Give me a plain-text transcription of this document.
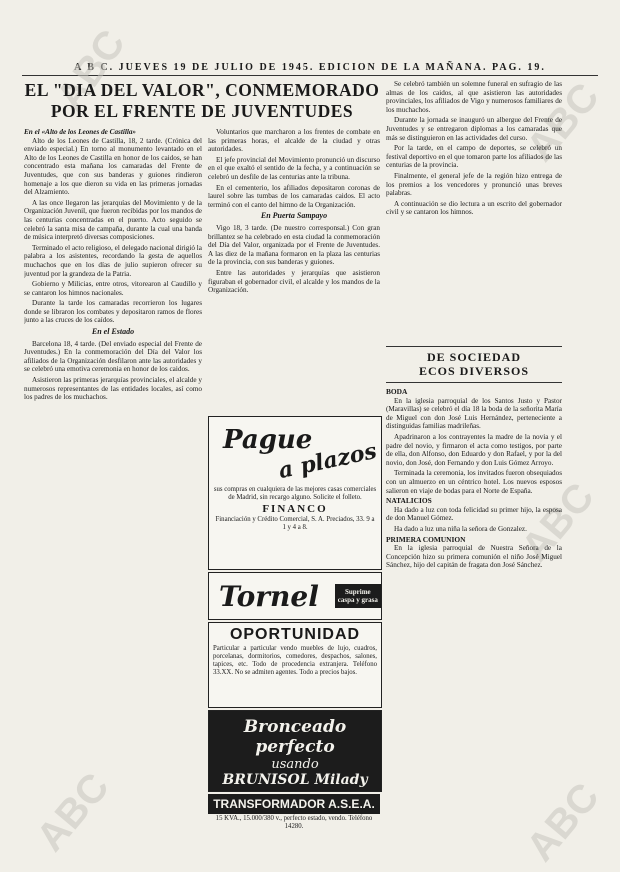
A B C. JUEVES 19 DE JULIO DE 1945. EDICION DE LA MAÑANA. PAG. 19.
ABC
ABC
ABC
ABC	ABC
EL "DIA DEL VALOR", CONMEMORADO
POR EL FRENTE DE JUVENTUDES
En el «Alto de los Leones de Castilla»

Alto de los Leones de Castilla, 18, 2 tarde. (Crónica del enviado especial.) En torno al monumento levantado en el Alto de los Leones de Castilla en honor de los caidos, se han concentrado esta mañana los camaradas del Frente de Juventudes, que con sus banderas y guiones rindieron homenaje a los que dieron su vida en las primeras jornadas del Alzamiento.

A las once llegaron las jerarquías del Movimiento y de la Organización Juvenil, que fueron recibidas por los mandos de las centurias concentradas en el puerto. Acto seguido se celebró la santa misa de campaña, durante la cual una banda de música interpretó diversas composiciones.

Terminado el acto religioso, el delegado nacional dirigió la palabra a los asistentes, recordando la gesta de aquellos muchachos que en los días de julio supieron ofrecer su juventud por la grandeza de la Patria.

Gobierno y Milicias, entre otros, vitorearon al Caudillo y se cantaron los himnos nacionales.

Durante la tarde los camaradas recorrieron los lugares donde se libraron los combates y depositaron ramos de flores junto a las cruces de los caídos.

En el Estado

Barcelona 18, 4 tarde. (Del enviado especial del Frente de Juventudes.) En la conmemoración del Día del Valor los afiliados de la Organización desfilaron ante las autoridades y se celebró una emotiva ceremonia en honor de los caidos.

Asistieron las primeras jerarquías provinciales, el alcalde y numerosos representantes de las entidades locales, así como los padres de los muchachos.

Voluntarios que marcharon a los frentes de combate en las primeras horas, el alcalde de la ciudad y otras autoridades.

El jefe provincial del Movimiento pronunció un discurso en el que exaltó el sentido de la fecha, y a continuación se celebró un desfile de las centurias ante la tribuna.

En el cementerio, los afiliados depositaron coronas de laurel sobre las tumbas de los camaradas caidos. El acto terminó con el canto del himno de la Organización.

En Puerta Sampayo

Vigo 18, 3 tarde. (De nuestro corresponsal.) Con gran brillantez se ha celebrado en esta ciudad la conmemoración del Día del Valor, organizada por el Frente de Juventudes. A las diez de la mañana formaron en la plaza las centurias de la provincia, con sus banderas y guiones.

Entre las autoridades y jerarquías que asistieron figuraban el gobernador civil, el alcalde y los mandos de la Organización.

Pague
a plazos
sus compras en cualquiera de las mejores casas comerciales de Madrid, sin recargo alguno. Solicite el folleto.
FINANCO
Financiación y Crédito Comercial, S. A. Preciados, 33. 9 a 1 y 4 a 8.
Tornel	Suprime caspa y grasa
OPORTUNIDAD
Particular a particular vendo muebles de lujo, cuadros, porcelanas, dormitorios, comedores, despachos, salones, tapices, etc. Todo de procedencia extranjera. Teléfono 33.XX. No se admiten agentes. Todo a precios bajos.
Bronceado perfecto
usando
BRUNISOL Milady
TRANSFORMADOR A.S.E.A.
15 KVA., 15.000/380 v., perfecto estado, vendo. Teléfono 14280.

Se celebró también un solemne funeral en sufragio de las almas de los caidos, al que asistieron las autoridades provinciales, los afiliados de Vigo y numerosos familiares de los muchachos.

Durante la jornada se inauguró un albergue del Frente de Juventudes y se entregaron diplomas a los camaradas que más se distinguieron en las actividades del curso.

Por la tarde, en el campo de deportes, se celebró un festival deportivo en el que tomaron parte los afiliados de las centurias de la provincia.

Finalmente, el general jefe de la región hizo entrega de los premios a los vencedores y pronunció unas breves palabras.

A continuación se dio lectura a un escrito del gobernador civil y se cantaron los himnos.

DE SOCIEDAD
ECOS DIVERSOS
BODA

En la iglesia parroquial de los Santos Justo y Pastor (Maravillas) se celebró el día 18 la boda de la señorita María de Miguel con don José Luis Hernández, perteneciente a distinguidas familias madrileñas.

Apadrinaron a los contrayentes la madre de la novia y el padre del novio, y firmaron el acta como testigos, por parte de ella, don Alfonso, don Eduardo y don Rafael, y por la del novio, don José, don Fernando y don Luis Gómez Arroyo.

Terminada la ceremonia, los invitados fueron obsequiados con un almuerzo en un céntrico hotel. Los nuevos esposos salieron en viaje de bodas para el Norte de España.

NATALICIOS

Ha dado a luz con toda felicidad su primer hijo, la esposa de don Manuel Gómez.

Ha dado a luz una niña la señora de Gonzalez.

PRIMERA COMUNION

En la iglesia parroquial de Nuestra Señora de la Concepción hizo su primera comunión el niño José Miguel Sánchez, hijo del capitán de fragata don José Sánchez.
